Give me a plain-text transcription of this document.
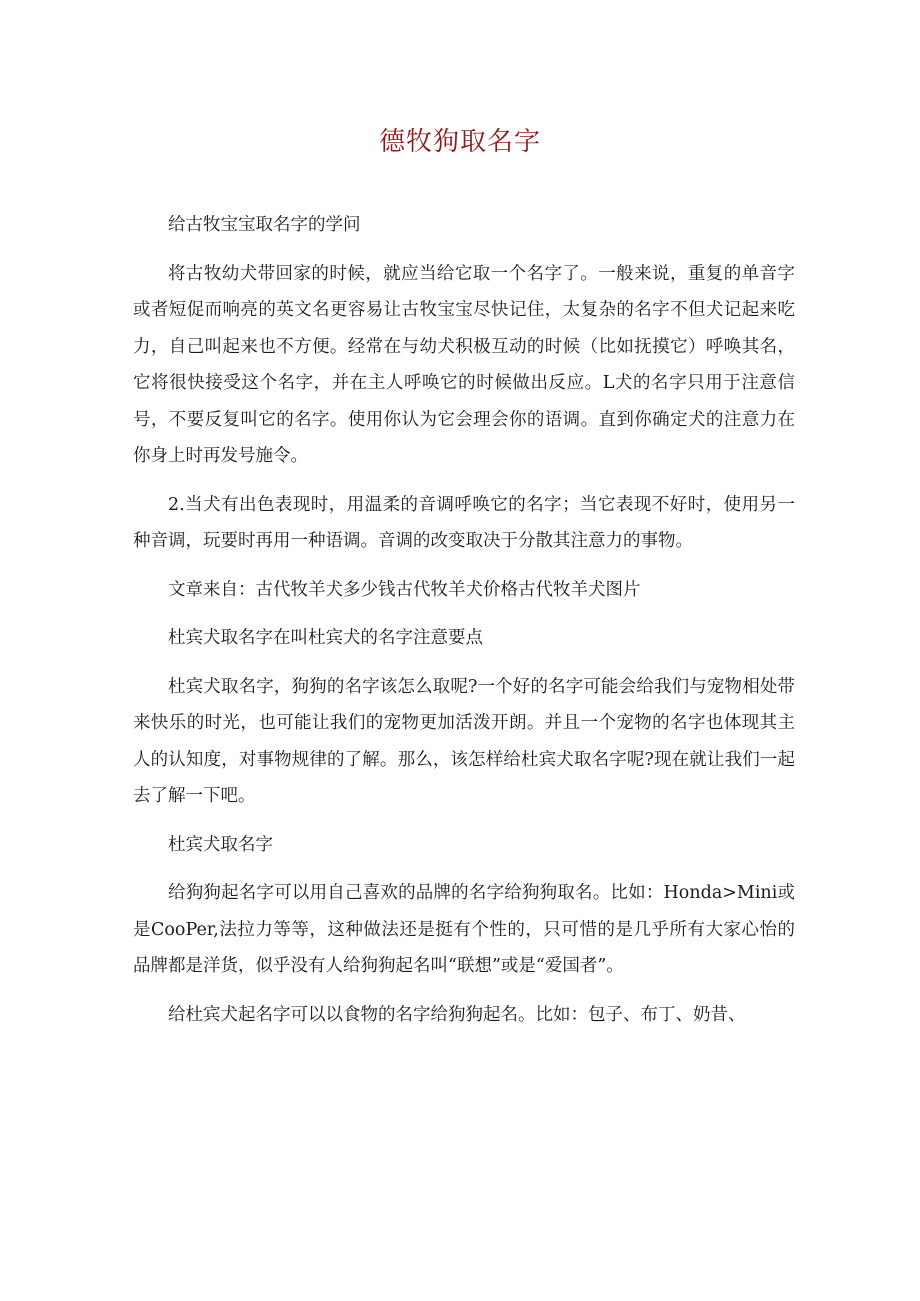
德牧狗取名字

给古牧宝宝取名字的学问

将古牧幼犬带回家的时候，就应当给它取一个名字了。一般来说，重复的单音字或者短促而响亮的英文名更容易让古牧宝宝尽快记住，太复杂的名字不但犬记起来吃力，自己叫起来也不方便。经常在与幼犬积极互动的时候（比如抚摸它）呼唤其名，它将很快接受这个名字，并在主人呼唤它的时候做出反应。L犬的名字只用于注意信号，不要反复叫它的名字。使用你认为它会理会你的语调。直到你确定犬的注意力在你身上时再发号施令。

2.当犬有出色表现时，用温柔的音调呼唤它的名字；当它表现不好时，使用另一种音调，玩要时再用一种语调。音调的改变取决于分散其注意力的事物。

文章来自：古代牧羊犬多少钱古代牧羊犬价格古代牧羊犬图片

杜宾犬取名字在叫杜宾犬的名字注意要点

杜宾犬取名字，狗狗的名字该怎么取呢?一个好的名字可能会给我们与宠物相处带来快乐的时光，也可能让我们的宠物更加活泼开朗。并且一个宠物的名字也体现其主人的认知度，对事物规律的了解。那么，该怎样给杜宾犬取名字呢?现在就让我们一起去了解一下吧。

杜宾犬取名字

给狗狗起名字可以用自己喜欢的品牌的名字给狗狗取名。比如：Honda>Mini或是CooPer,法拉力等等，这种做法还是挺有个性的，只可惜的是几乎所有大家心怡的品牌都是洋货，似乎没有人给狗狗起名叫“联想”或是“爱国者”。

给杜宾犬起名字可以以食物的名字给狗狗起名。比如：包子、布丁、奶昔、
